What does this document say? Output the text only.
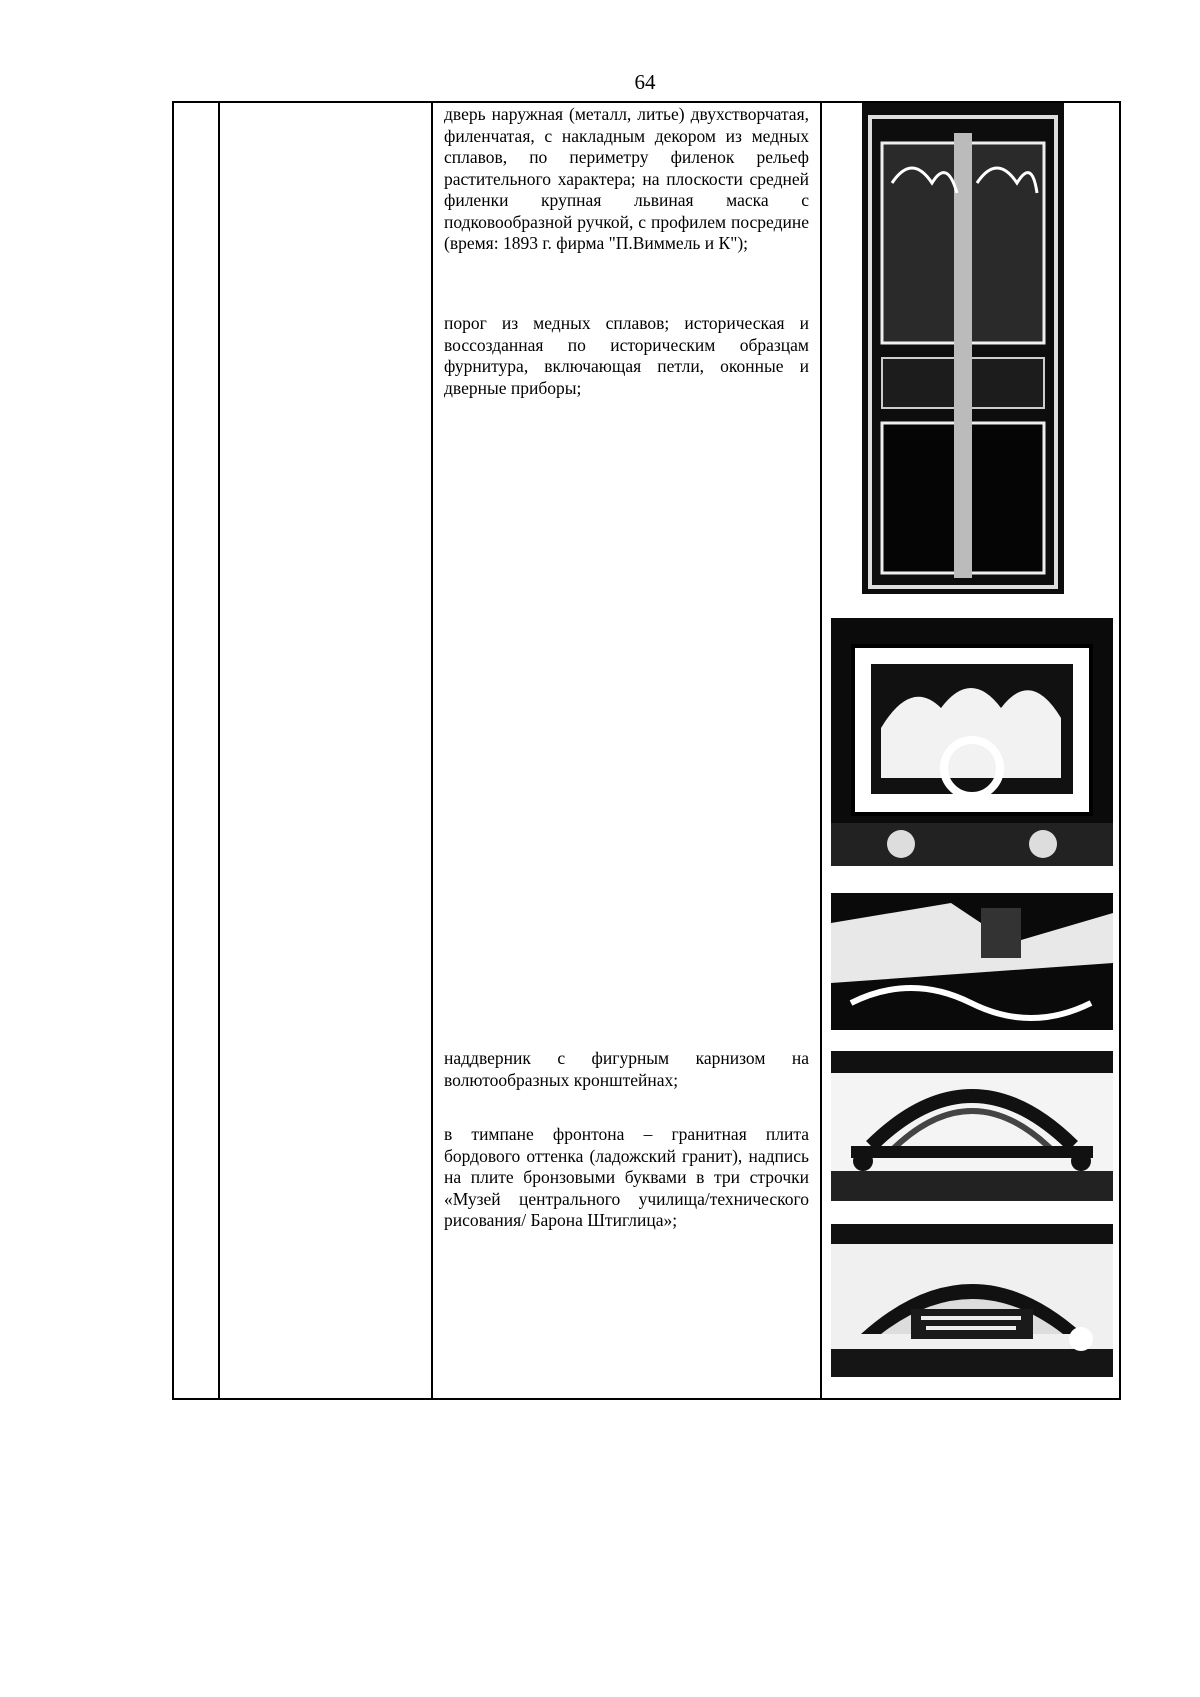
64
дверь наружная (металл, литье) двухстворчатая, филенчатая, с накладным декором из медных сплавов, по периметру филенок рельеф растительного характера; на плоскости средней филенки крупная львиная маска с подковообразной ручкой, с профилем посредине (время: 1893 г. фирма "П.Виммель и К");
порог из медных сплавов; историческая и воссозданная по историческим образцам фурнитура, включающая петли, оконные и дверные приборы;
наддверник с фигурным карнизом на волютообразных кронштейнах;
в тимпане фронтона – гранитная плита бордового оттенка (ладожский гранит), надпись на плите бронзовыми буквами в три строчки «Музей центрального училища/технического рисования/ Барона Штиглица»;
